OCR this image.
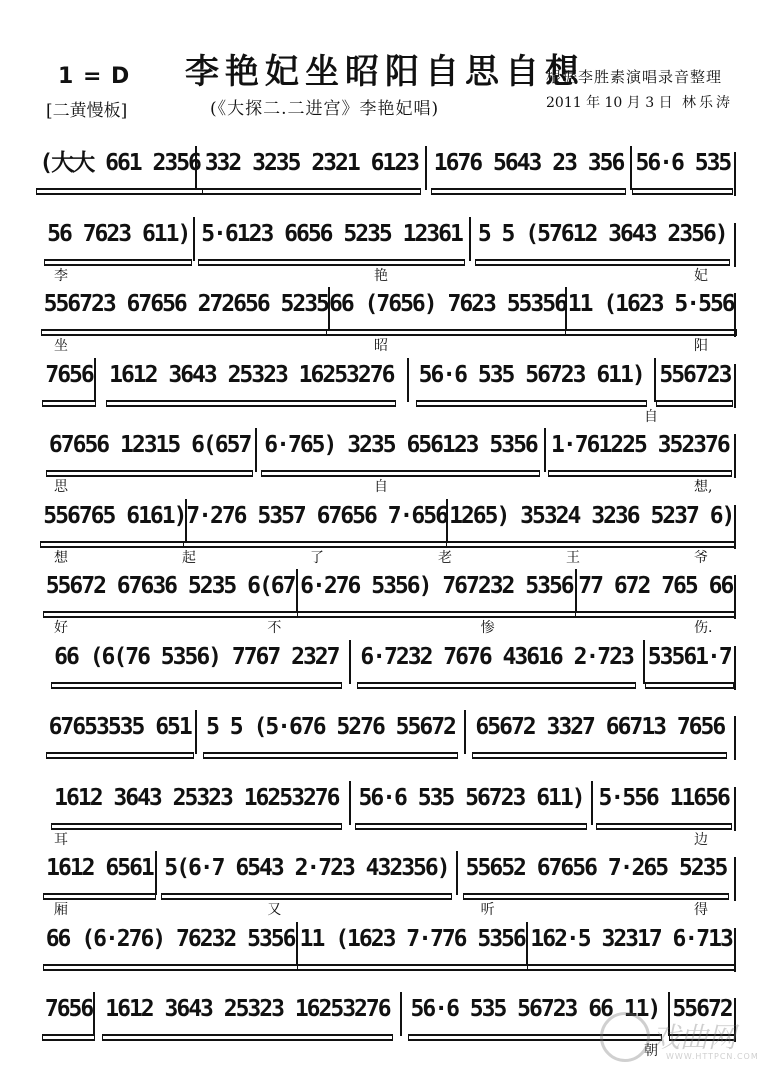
1 = D
[二黄慢板]
李艳妃坐昭阳自思自想
(《大探二.二进宫》李艳妃唱)
根据李胜素演唱录音整理
2011 年 10 月 3 日 林乐涛
(大大 661 2356 332 3235 2321 6123 1676 5643 23 356 56·6 535
56 7623 611) 5·6123 6656 5235 12361 5 5 (57612 3643 2356)
李	艳	妃
556723 67656 272656 5235 66 (7656) 7623 55356 11 (1623 5·556
坐	昭	阳
7656 1612 3643 25323 16253276 56·6 535 56723 611) 556723
自
67656 12315 6(657 6·765) 3235 656123 5356 1·761225 352376
思	自	想,
556765 6161) 7·276 5357 67656 7·656 1265) 35324 3236 5237 6)
想	起	了	老	王	爷
55672 67636 5235 6(67 6·276 5356) 767232 5356 77 672 765 66
好	不	惨	伤.
66 (6(76 5356) 7767 2327 6·7232 7676 43616 2·723 53561·7
67653535 651 5 5 (5·676 5276 55672 65672 3327 66713 7656
1612 3643 25323 16253276 56·6 535 56723 611) 5·556 11656
耳	边
1612 6561 5(6·7 6543 2·723 432356) 55652 67656 7·265 5235
厢	又	听	得
66 (6·276) 76232 5356 11 (1623 7·776 5356 162·5 32317 6·713
7656 1612 3643 25323 16253276 56·6 535 56723 66 11) 55672
朝
戏曲网
WWW.HTTPCN.COM
